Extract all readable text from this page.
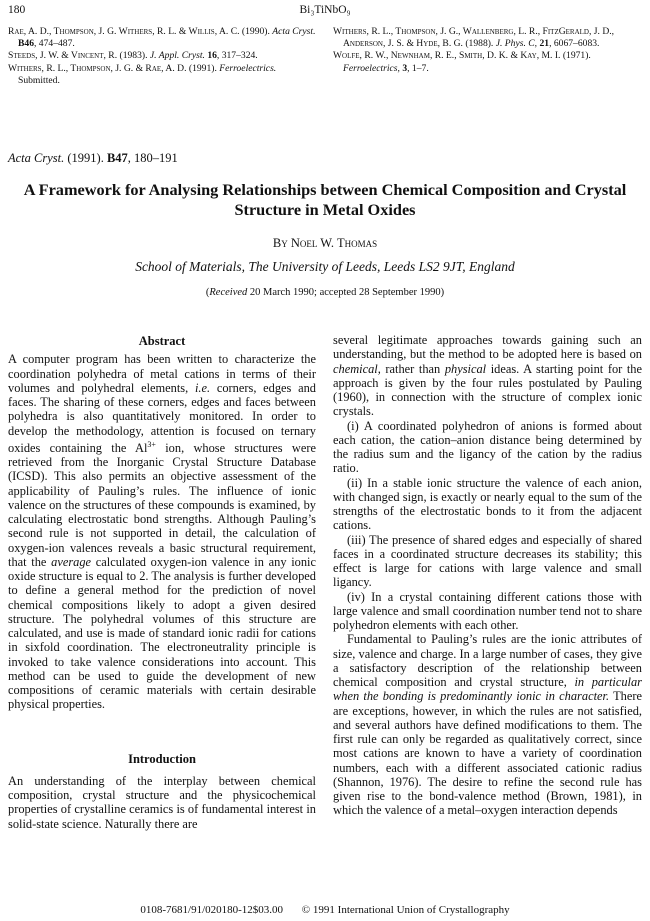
180	Bi₃TiNbO₉

Rae, A. D., Thompson, J. G. Withers, R. L. & Willis, A. C. (1990). Acta Cryst. B46, 474–487.

Steeds, J. W. & Vincent, R. (1983). J. Appl. Cryst. 16, 317–324.

Withers, R. L., Thompson, J. G. & Rae, A. D. (1991). Ferroelectrics. Submitted.

Withers, R. L., Thompson, J. G., Wallenberg, L. R., FitzGerald, J. D., Anderson, J. S. & Hyde, B. G. (1988). J. Phys. C, 21, 6067–6083.

Wolfe, R. W., Newnham, R. E., Smith, D. K. & Kay, M. I. (1971). Ferroelectrics, 3, 1–7.

Acta Cryst. (1991). B47, 180–191
A Framework for Analysing Relationships between Chemical Composition and Crystal Structure in Metal Oxides
By Noel W. Thomas
School of Materials, The University of Leeds, Leeds LS2 9JT, England
(Received 20 March 1990; accepted 28 September 1990)
Abstract

A computer program has been written to characterize the coordination polyhedra of metal cations in terms of their volumes and polyhedral elements, i.e. corners, edges and faces. The sharing of these corners, edges and faces between polyhedra is also quantitatively monitored. In order to develop the methodology, attention is focused on ternary oxides containing the $Al^{3+}$ ion, whose structures were retrieved from the Inorganic Crystal Structure Database (ICSD). This also permits an objective assessment of the applicability of Pauling’s rules. The influence of ionic valence on the structures of these compounds is examined, by calculating electrostatic bond strengths. Although Pauling’s second rule is not supported in detail, the calculation of oxygen-ion valences reveals a basic structural requirement, that the average calculated oxygen-ion valence in any ionic oxide structure is equal to 2. The analysis is further developed to define a general method for the prediction of novel chemical compositions likely to adopt a given desired structure. The polyhedral volumes of this structure are calculated, and use is made of standard ionic radii for cations in sixfold coordination. The electroneutrality principle is invoked to take valence considerations into account. This method can be used to guide the development of new compositions of ceramic materials with certain desirable physical properties.

Introduction

An understanding of the interplay between chemical composition, crystal structure and the physicochemical properties of crystalline ceramics is of fundamental interest in solid-state science. Naturally there are

several legitimate approaches towards gaining such an understanding, but the method to be adopted here is based on chemical, rather than physical ideas. A starting point for the approach is given by the four rules postulated by Pauling (1960), in connection with the structure of complex ionic crystals.

(i) A coordinated polyhedron of anions is formed about each cation, the cation–anion distance being determined by the radius sum and the ligancy of the cation by the radius ratio.

(ii) In a stable ionic structure the valence of each anion, with changed sign, is exactly or nearly equal to the sum of the strengths of the electrostatic bonds to it from the adjacent cations.

(iii) The presence of shared edges and especially of shared faces in a coordinated structure decreases its stability; this effect is large for cations with large valence and small ligancy.

(iv) In a crystal containing different cations those with large valence and small coordination number tend not to share polyhedron elements with each other.

Fundamental to Pauling’s rules are the ionic attributes of size, valence and charge. In a large number of cases, they give a satisfactory description of the relationship between chemical composition and crystal structure, in particular when the bonding is predominantly ionic in character. There are exceptions, however, in which the rules are not satisfied, and several authors have defined modifications to them. The first rule can only be regarded as qualitatively correct, since most cations are known to have a variety of coordination numbers, each with a different associated cationic radius (Shannon, 1976). The desire to refine the second rule has given rise to the bond-valence method (Brown, 1981), in which the valence of a metal–oxygen interaction depends

0108-7681/91/020180-12$03.00 © 1991 International Union of Crystallography
